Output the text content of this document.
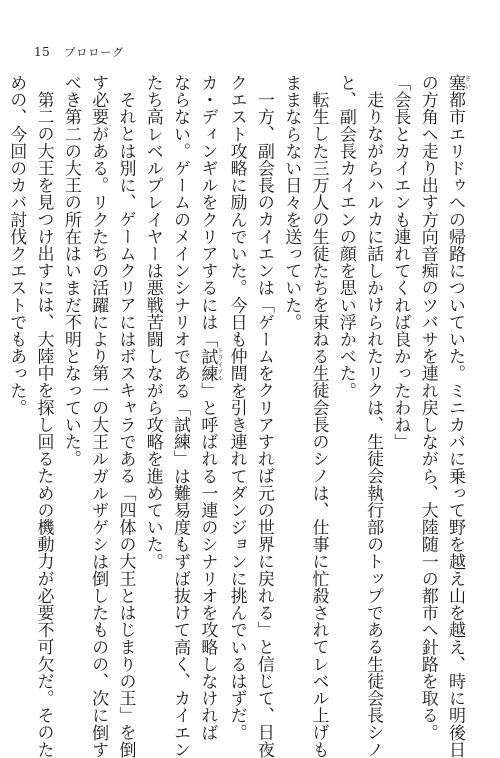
15 プロローグ
塞さい都市エリドゥへの帰路についていた。ミニカバに乗って野を越え山を越え、時に明後日
の方角へ走り出す方向音痴のツバサを連れ戻しながら、大陸随一の都市へ針路を取る。
「会長とカイエンも連れてくれば良かったわね」
走りながらハルカに話しかけられたリクは、生徒会執行部のトップである生徒会長シノ
と、副会長カイエンの顔を思い浮かべた。
転生した三万人の生徒たちを束ねる生徒会長のシノは、仕事に忙殺されてレベル上げも
ままならない日々を送っていた。
一方、副会長のカイエンは「ゲームをクリアすれば元の世界に戻れる」と信じて、日夜
クエスト攻略に励んでいた。今日も仲間を引き連れてダンジョンに挑んでいるはずだ。
カ・ディンギルをクリアするには「試練トライアル」と呼ばれる一連のシナリオを攻略しなければ
ならない。ゲームのメインシナリオである「試練」は難易度もずば抜けて高く、カイエン
たち高レベルプレイヤーは悪戦苦闘しながら攻略を進めていた。
それとは別に、ゲームクリアにはボスキャラである「四体の大王とはじまりの王」を倒
す必要がある。リクたちの活躍により第一の大王ルガルザゲシは倒したものの、次に倒す
べき第二の大王の所在はいまだ不明となっていた。
第二の大王を見つけ出すには、大陸中を探し回るための機動力が必要不可欠だ。そのた
めの、今回のカバ討伐クエストでもあった。
